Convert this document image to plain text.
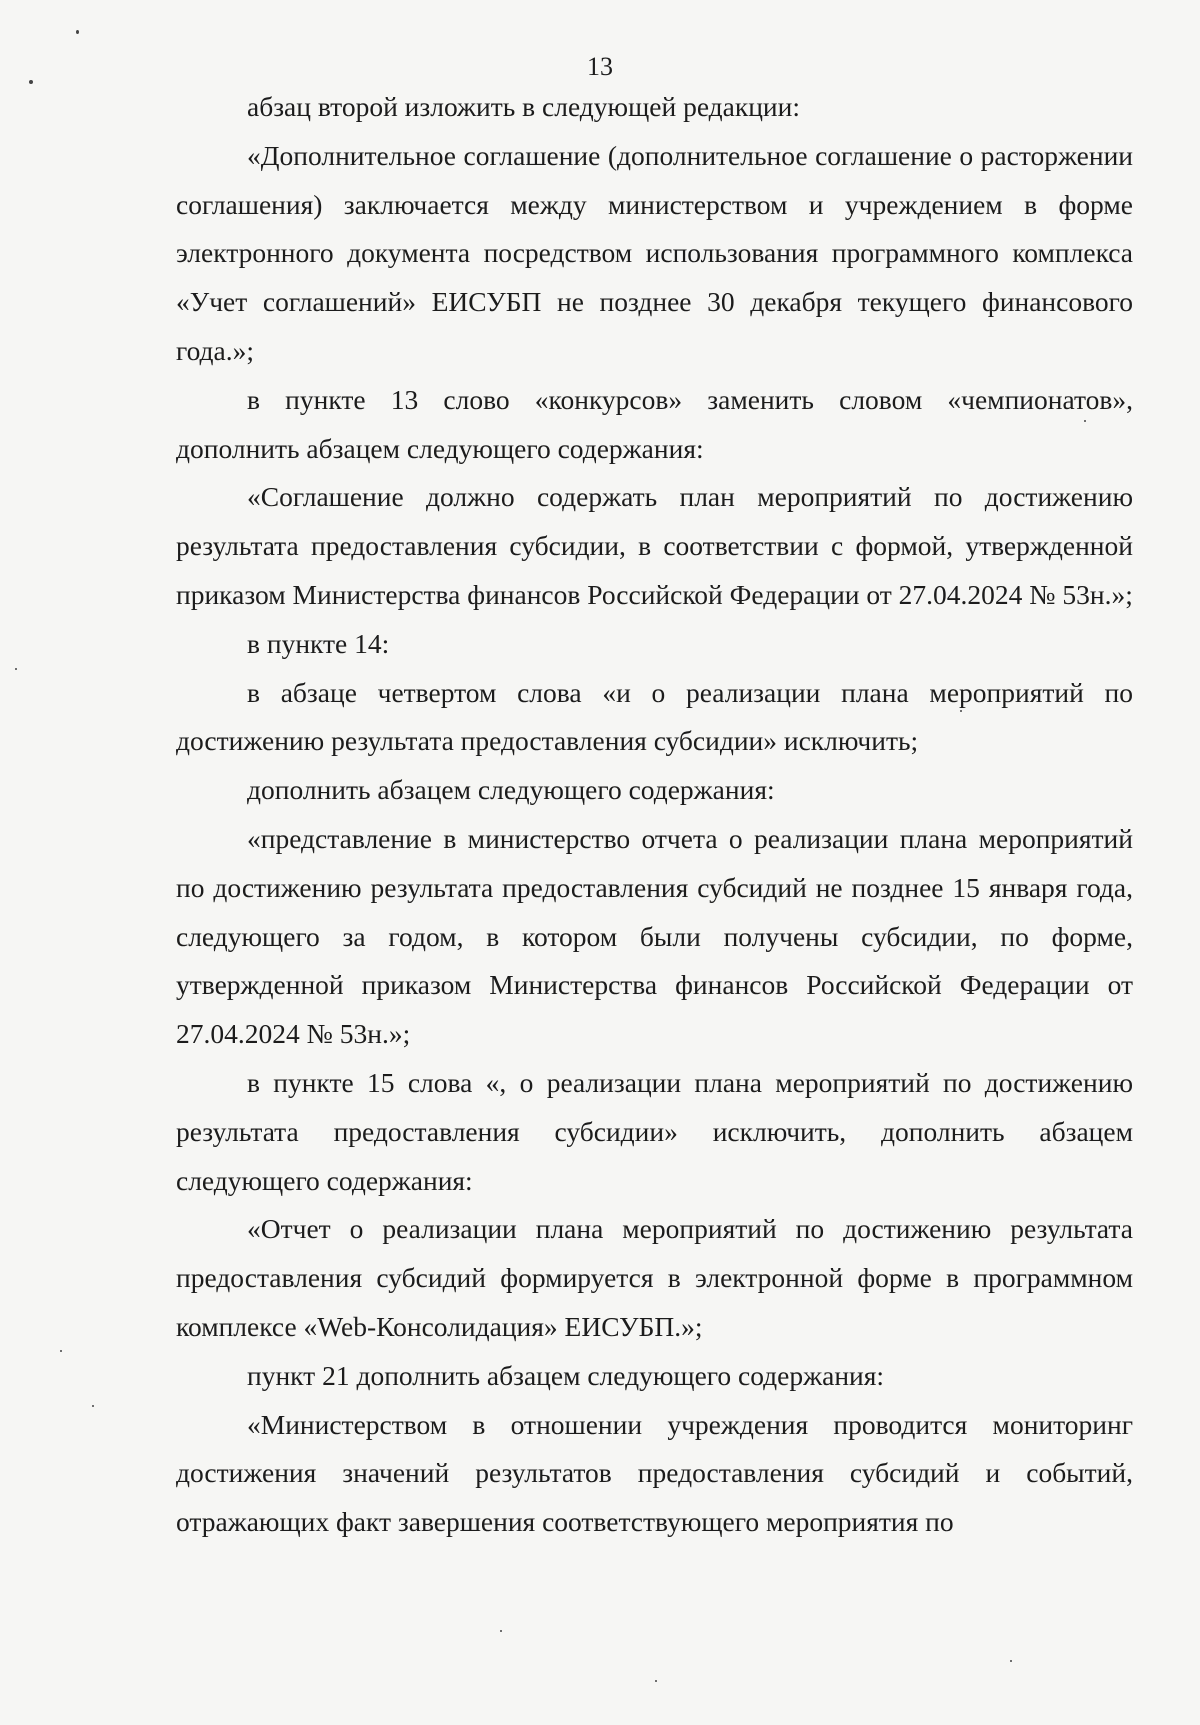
13

абзац второй изложить в следующей редакции:

«Дополнительное соглашение (дополнительное соглашение о расторжении соглашения) заключается между министерством и учреждением в форме электронного документа посредством использования программного комплекса «Учет соглашений» ЕИСУБП не позднее 30 декабря текущего финансового года.»;

в пункте 13 слово «конкурсов» заменить словом «чемпионатов», дополнить абзацем следующего содержания:

«Соглашение должно содержать план мероприятий по достижению результата предоставления субсидии, в соответствии с формой, утвержденной приказом Министерства финансов Российской Федерации от 27.04.2024 № 53н.»;

в пункте 14:

в абзаце четвертом слова «и о реализации плана мероприятий по достижению результата предоставления субсидии» исключить;

дополнить абзацем следующего содержания:

«представление в министерство отчета о реализации плана мероприятий по достижению результата предоставления субсидий не позднее 15 января года, следующего за годом, в котором были получены субсидии, по форме, утвержденной приказом Министерства финансов Российской Федерации от 27.04.2024 № 53н.»;

в пункте 15 слова «, о реализации плана мероприятий по достижению результата предоставления субсидии» исключить, дополнить абзацем следующего содержания:

«Отчет о реализации плана мероприятий по достижению результата предоставления субсидий формируется в электронной форме в программном комплексе «Web-Консолидация» ЕИСУБП.»;

пункт 21 дополнить абзацем следующего содержания:

«Министерством в отношении учреждения проводится мониторинг достижения значений результатов предоставления субсидий и событий, отражающих факт завершения соответствующего мероприятия по
